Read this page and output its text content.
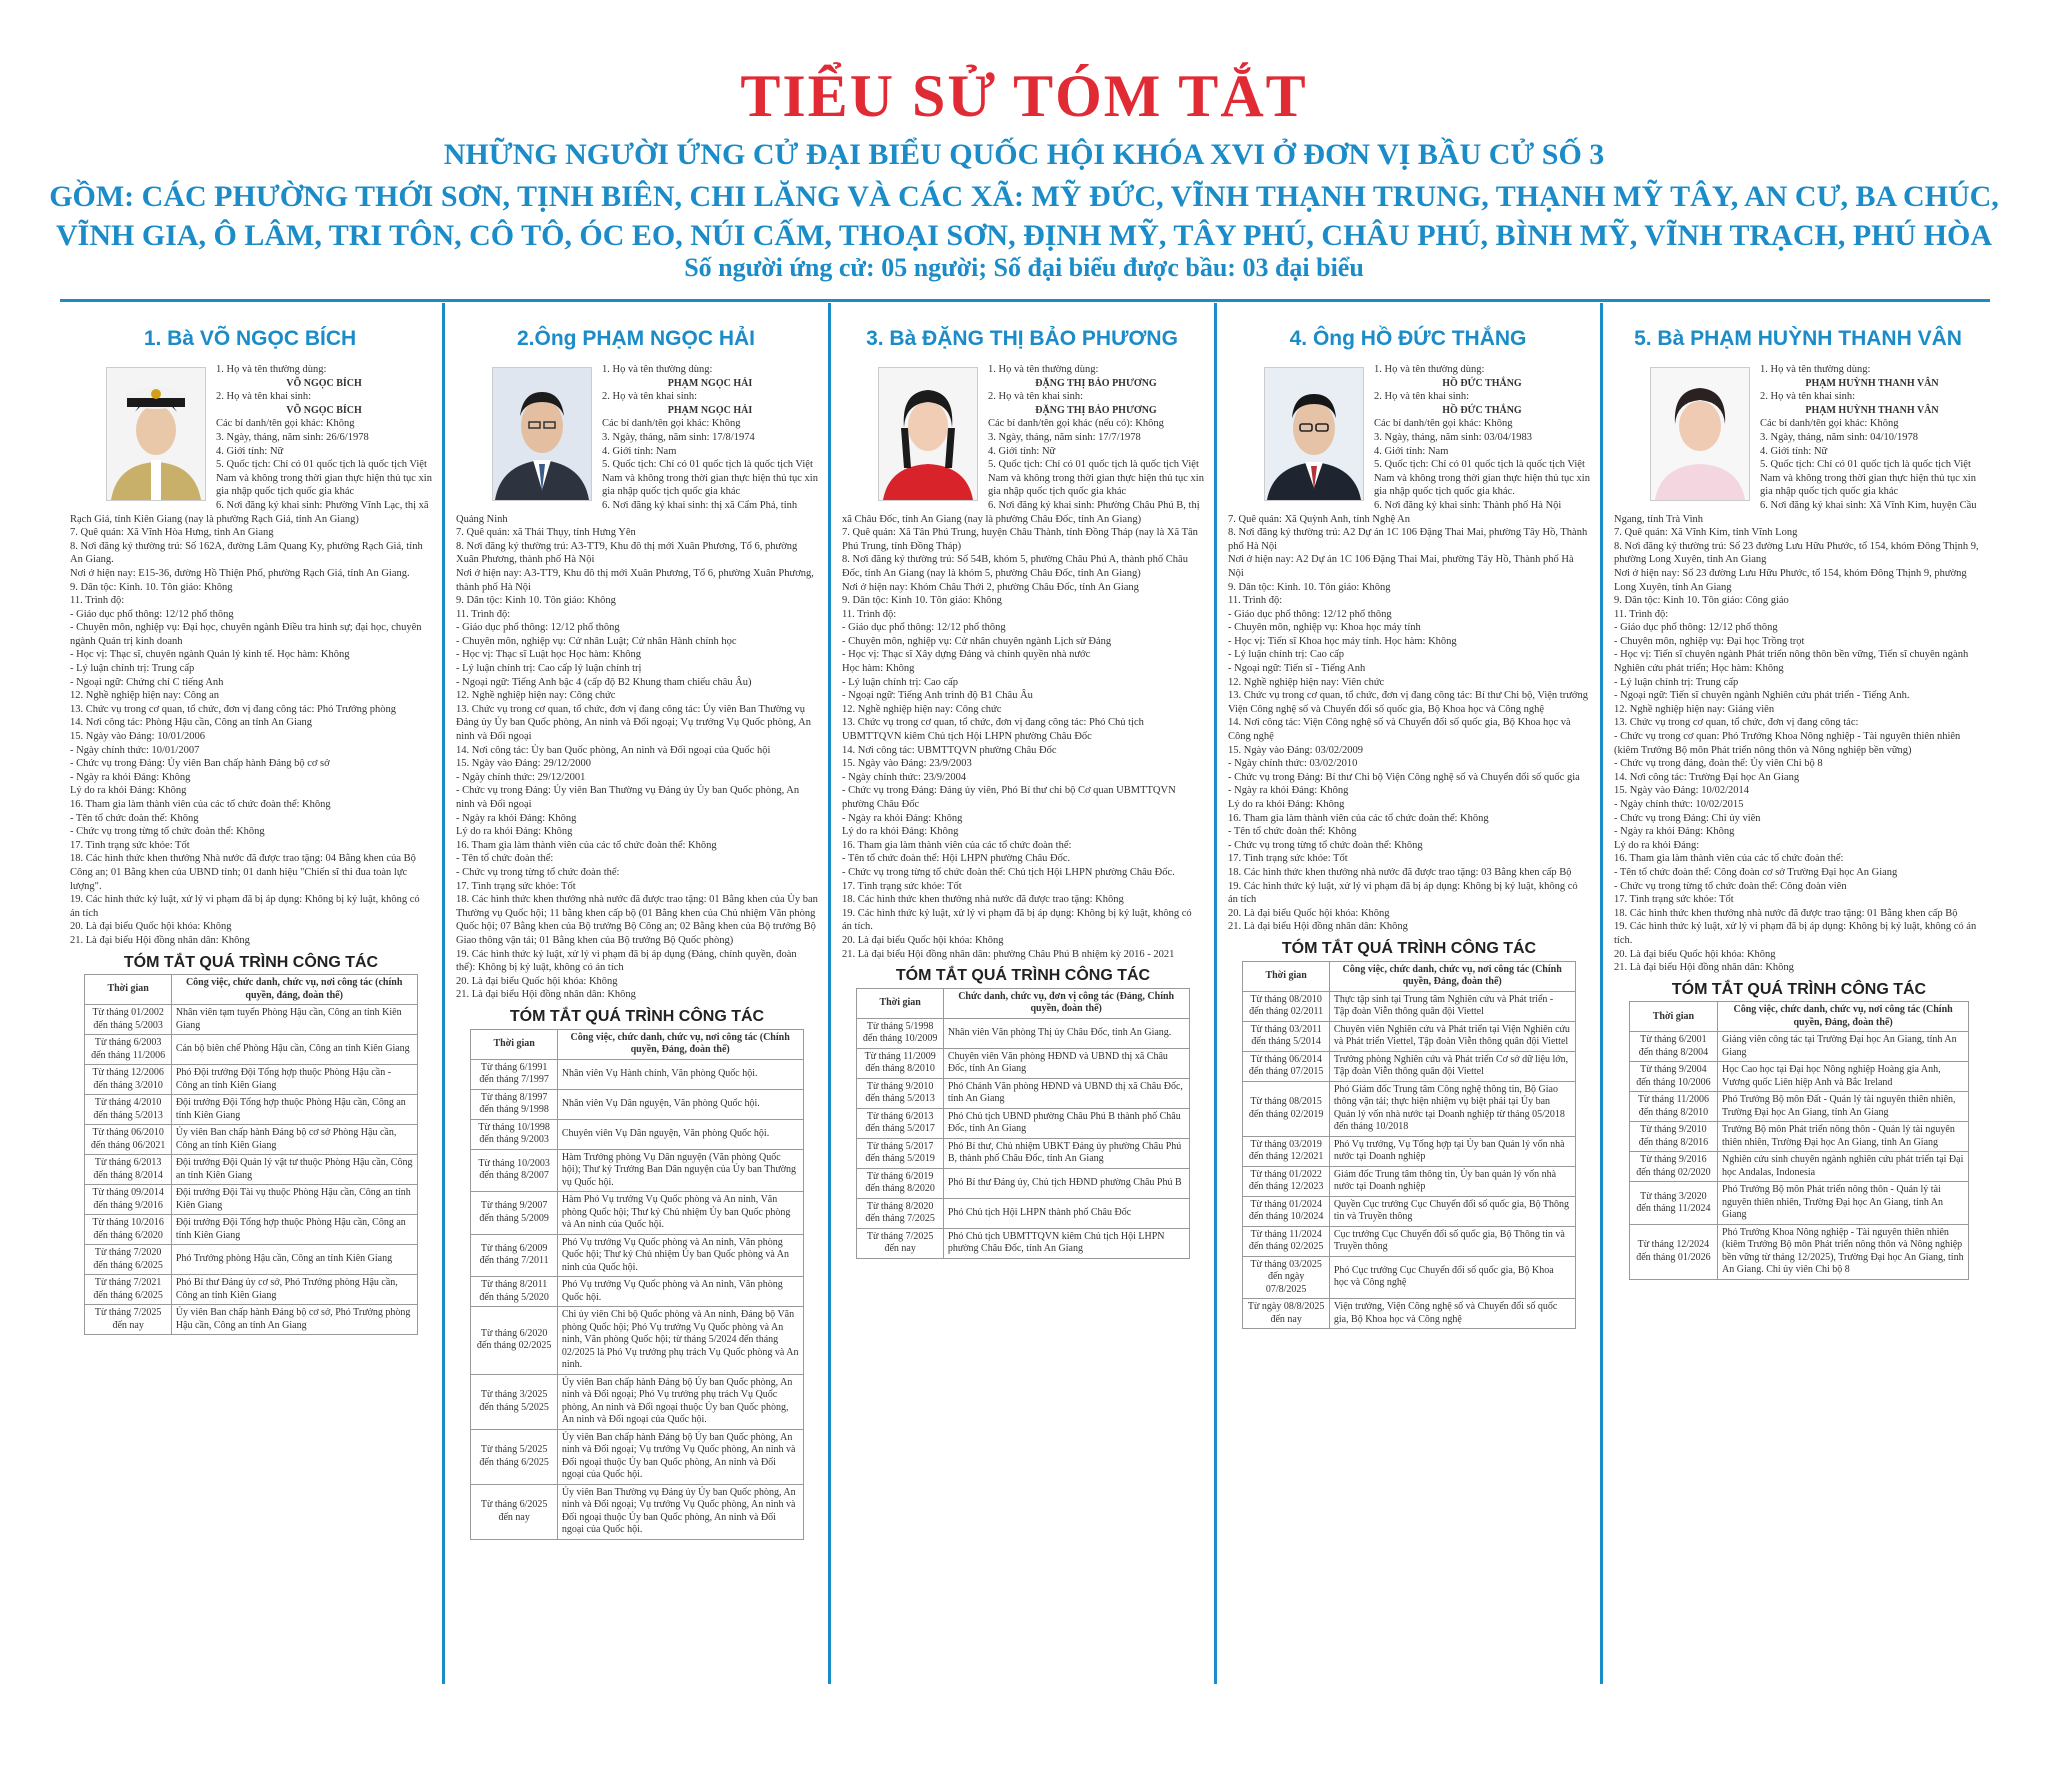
TIỂU SỬ TÓM TẮT

NHỮNG NGƯỜI ỨNG CỬ ĐẠI BIỂU QUỐC HỘI KHÓA XVI Ở ĐƠN VỊ BẦU CỬ SỐ 3

GỒM: CÁC PHƯỜNG THỚI SƠN, TỊNH BIÊN, CHI LĂNG VÀ CÁC XÃ: MỸ ĐỨC, VĨNH THẠNH TRUNG, THẠNH MỸ TÂY, AN CƯ, BA CHÚC,

VĨNH GIA, Ô LÂM, TRI TÔN, CÔ TÔ, ÓC EO, NÚI CẤM, THOẠI SƠN, ĐỊNH MỸ, TÂY PHÚ, CHÂU PHÚ, BÌNH MỸ, VĨNH TRẠCH, PHÚ HÒA

Số người ứng cử: 05 người; Số đại biểu được bầu: 03 đại biểu

1. Bà VÕ NGỌC BÍCH

1. Họ và tên thường dùng:

VÕ NGỌC BÍCH

2. Họ và tên khai sinh:

VÕ NGỌC BÍCH

Các bí danh/tên gọi khác: Không

3. Ngày, tháng, năm sinh: 26/6/1978

4. Giới tính: Nữ

5. Quốc tịch: Chỉ có 01 quốc tịch là quốc tịch Việt Nam và không trong thời gian thực hiện thủ tục xin gia nhập quốc tịch quốc gia khác

6. Nơi đăng ký khai sinh: Phường Vĩnh Lạc, thị xã Rạch Giá, tỉnh Kiên Giang (nay là phường Rạch Giá, tỉnh An Giang)

7. Quê quán: Xã Vĩnh Hòa Hưng, tỉnh An Giang

8. Nơi đăng ký thường trú: Số 162A, đường Lâm Quang Ky, phường Rạch Giá, tỉnh An Giang.

Nơi ở hiện nay: E15-36, đường Hồ Thiện Phố, phường Rạch Giá, tỉnh An Giang.

9. Dân tộc: Kinh. 10. Tôn giáo: Không

11. Trình độ:

- Giáo dục phổ thông: 12/12 phổ thông

- Chuyên môn, nghiệp vụ: Đại học, chuyên ngành Điều tra hình sự; đại học, chuyên ngành Quản trị kinh doanh

- Học vị: Thạc sĩ, chuyên ngành Quản lý kinh tế. Học hàm: Không

- Lý luận chính trị: Trung cấp

- Ngoại ngữ: Chứng chỉ C tiếng Anh

12. Nghề nghiệp hiện nay: Công an

13. Chức vụ trong cơ quan, tổ chức, đơn vị đang công tác: Phó Trưởng phòng

14. Nơi công tác: Phòng Hậu cần, Công an tỉnh An Giang

15. Ngày vào Đảng: 10/01/2006

- Ngày chính thức: 10/01/2007

- Chức vụ trong Đảng: Ủy viên Ban chấp hành Đảng bộ cơ sở

- Ngày ra khỏi Đảng: Không

Lý do ra khỏi Đảng: Không

16. Tham gia làm thành viên của các tổ chức đoàn thể: Không

- Tên tổ chức đoàn thể: Không

- Chức vụ trong từng tổ chức đoàn thể: Không

17. Tình trạng sức khỏe: Tốt

18. Các hình thức khen thưởng Nhà nước đã được trao tặng: 04 Bằng khen của Bộ Công an; 01 Bằng khen của UBND tỉnh; 01 danh hiệu "Chiến sĩ thi đua toàn lực lượng".

19. Các hình thức kỷ luật, xử lý vi phạm đã bị áp dụng: Không bị kỷ luật, không có án tích

20. Là đại biểu Quốc hội khóa: Không

21. Là đại biểu Hội đồng nhân dân: Không

TÓM TẮT QUÁ TRÌNH CÔNG TÁC
Thời gian	Công việc, chức danh, chức vụ, nơi công tác (chính quyền, đảng, đoàn thể)
Từ tháng 01/2002 đến tháng 5/2003	Nhân viên tạm tuyển Phòng Hậu cần, Công an tỉnh Kiên Giang
Từ tháng 6/2003 đến tháng 11/2006	Cán bộ biên chế Phòng Hậu cần, Công an tỉnh Kiên Giang
Từ tháng 12/2006 đến tháng 3/2010	Phó Đội trưởng Đội Tổng hợp thuộc Phòng Hậu cần - Công an tỉnh Kiên Giang
Từ tháng 4/2010 đến tháng 5/2013	Đội trưởng Đội Tổng hợp thuộc Phòng Hậu cần, Công an tỉnh Kiên Giang
Từ tháng 06/2010 đến tháng 06/2021	Ủy viên Ban chấp hành Đảng bộ cơ sở Phòng Hậu cần, Công an tỉnh Kiên Giang
Từ tháng 6/2013 đến tháng 8/2014	Đội trưởng Đội Quản lý vật tư thuộc Phòng Hậu cần, Công an tỉnh Kiên Giang
Từ tháng 09/2014 đến tháng 9/2016	Đội trưởng Đội Tài vụ thuộc Phòng Hậu cần, Công an tỉnh Kiên Giang
Từ tháng 10/2016 đến tháng 6/2020	Đội trưởng Đội Tổng hợp thuộc Phòng Hậu cần, Công an tỉnh Kiên Giang
Từ tháng 7/2020 đến tháng 6/2025	Phó Trưởng phòng Hậu cần, Công an tỉnh Kiên Giang
Từ tháng 7/2021 đến tháng 6/2025	Phó Bí thư Đảng ủy cơ sở, Phó Trưởng phòng Hậu cần, Công an tỉnh Kiên Giang
Từ tháng 7/2025 đến nay	Ủy viên Ban chấp hành Đảng bộ cơ sở, Phó Trưởng phòng Hậu cần, Công an tỉnh An Giang
2.Ông PHẠM NGỌC HẢI

1. Họ và tên thường dùng:

PHẠM NGỌC HẢI

2. Họ và tên khai sinh:

PHẠM NGỌC HẢI

Các bí danh/tên gọi khác: Không

3. Ngày, tháng, năm sinh: 17/8/1974

4. Giới tính: Nam

5. Quốc tịch: Chỉ có 01 quốc tịch là quốc tịch Việt Nam và không trong thời gian thực hiện thủ tục xin gia nhập quốc tịch quốc gia khác

6. Nơi đăng ký khai sinh: thị xã Cẩm Phả, tỉnh Quảng Ninh

7. Quê quán: xã Thái Thụy, tỉnh Hưng Yên

8. Nơi đăng ký thường trú: A3-TT9, Khu đô thị mới Xuân Phương, Tổ 6, phường Xuân Phương, thành phố Hà Nội

Nơi ở hiện nay: A3-TT9, Khu đô thị mới Xuân Phương, Tổ 6, phường Xuân Phương, thành phố Hà Nội

9. Dân tộc: Kinh 10. Tôn giáo: Không

11. Trình độ:

- Giáo dục phổ thông: 12/12 phổ thông

- Chuyên môn, nghiệp vụ: Cử nhân Luật; Cử nhân Hành chính học

- Học vị: Thạc sĩ Luật học Học hàm: Không

- Lý luận chính trị: Cao cấp lý luận chính trị

- Ngoại ngữ: Tiếng Anh bậc 4 (cấp độ B2 Khung tham chiếu châu Âu)

12. Nghề nghiệp hiện nay: Công chức

13. Chức vụ trong cơ quan, tổ chức, đơn vị đang công tác: Ủy viên Ban Thường vụ Đảng ủy Ủy ban Quốc phòng, An ninh và Đối ngoại; Vụ trưởng Vụ Quốc phòng, An ninh và Đối ngoại

14. Nơi công tác: Ủy ban Quốc phòng, An ninh và Đối ngoại của Quốc hội

15. Ngày vào Đảng: 29/12/2000

- Ngày chính thức: 29/12/2001

- Chức vụ trong Đảng: Ủy viên Ban Thường vụ Đảng ủy Ủy ban Quốc phòng, An ninh và Đối ngoại

- Ngày ra khỏi Đảng: Không

Lý do ra khỏi Đảng: Không

16. Tham gia làm thành viên của các tổ chức đoàn thể: Không

- Tên tổ chức đoàn thể:

- Chức vụ trong từng tổ chức đoàn thể:

17. Tình trạng sức khỏe: Tốt

18. Các hình thức khen thưởng nhà nước đã được trao tặng: 01 Bằng khen của Ủy ban Thường vụ Quốc hội; 11 bằng khen cấp bộ (01 Bằng khen của Chủ nhiệm Văn phòng Quốc hội; 07 Bằng khen của Bộ trưởng Bộ Công an; 02 Bằng khen của Bộ trưởng Bộ Giao thông vận tải; 01 Bằng khen của Bộ trưởng Bộ Quốc phòng)

19. Các hình thức kỷ luật, xử lý vi phạm đã bị áp dụng (Đảng, chính quyền, đoàn thể): Không bị kỷ luật, không có án tích

20. Là đại biểu Quốc hội khóa: Không

21. Là đại biểu Hội đồng nhân dân: Không

TÓM TẮT QUÁ TRÌNH CÔNG TÁC
Thời gian	Công việc, chức danh, chức vụ, nơi công tác (Chính quyền, Đảng, đoàn thể)
Từ tháng 6/1991 đến tháng 7/1997	Nhân viên Vụ Hành chính, Văn phòng Quốc hội.
Từ tháng 8/1997 đến tháng 9/1998	Nhân viên Vụ Dân nguyện, Văn phòng Quốc hội.
Từ tháng 10/1998 đến tháng 9/2003	Chuyên viên Vụ Dân nguyện, Văn phòng Quốc hội.
Từ tháng 10/2003 đến tháng 8/2007	Hàm Trưởng phòng Vụ Dân nguyện (Văn phòng Quốc hội); Thư ký Trưởng Ban Dân nguyện của Ủy ban Thường vụ Quốc hội.
Từ tháng 9/2007 đến tháng 5/2009	Hàm Phó Vụ trưởng Vụ Quốc phòng và An ninh, Văn phòng Quốc hội; Thư ký Chủ nhiệm Ủy ban Quốc phòng và An ninh của Quốc hội.
Từ tháng 6/2009 đến tháng 7/2011	Phó Vụ trưởng Vụ Quốc phòng và An ninh, Văn phòng Quốc hội; Thư ký Chủ nhiệm Ủy ban Quốc phòng và An ninh của Quốc hội.
Từ tháng 8/2011 đến tháng 5/2020	Phó Vụ trưởng Vụ Quốc phòng và An ninh, Văn phòng Quốc hội.
Từ tháng 6/2020 đến tháng 02/2025	Chi ủy viên Chi bộ Quốc phòng và An ninh, Đảng bộ Văn phòng Quốc hội; Phó Vụ trưởng Vụ Quốc phòng và An ninh, Văn phòng Quốc hội; từ tháng 5/2024 đến tháng 02/2025 là Phó Vụ trưởng phụ trách Vụ Quốc phòng và An ninh.
Từ tháng 3/2025 đến tháng 5/2025	Ủy viên Ban chấp hành Đảng bộ Ủy ban Quốc phòng, An ninh và Đối ngoại; Phó Vụ trưởng phụ trách Vụ Quốc phòng, An ninh và Đối ngoại thuộc Ủy ban Quốc phòng, An ninh và Đối ngoại của Quốc hội.
Từ tháng 5/2025 đến tháng 6/2025	Ủy viên Ban chấp hành Đảng bộ Ủy ban Quốc phòng, An ninh và Đối ngoại; Vụ trưởng Vụ Quốc phòng, An ninh và Đối ngoại thuộc Ủy ban Quốc phòng, An ninh và Đối ngoại của Quốc hội.
Từ tháng 6/2025 đến nay	Ủy viên Ban Thường vụ Đảng ủy Ủy ban Quốc phòng, An ninh và Đối ngoại; Vụ trưởng Vụ Quốc phòng, An ninh và Đối ngoại thuộc Ủy ban Quốc phòng, An ninh và Đối ngoại của Quốc hội.
3. Bà ĐẶNG THỊ BẢO PHƯƠNG

1. Họ và tên thường dùng:

ĐẶNG THỊ BẢO PHƯƠNG

2. Họ và tên khai sinh:

ĐẶNG THỊ BẢO PHƯƠNG

Các bí danh/tên gọi khác (nếu có): Không

3. Ngày, tháng, năm sinh: 17/7/1978

4. Giới tính: Nữ

5. Quốc tịch: Chỉ có 01 quốc tịch là quốc tịch Việt Nam và không trong thời gian thực hiện thủ tục xin gia nhập quốc tịch quốc gia khác

6. Nơi đăng ký khai sinh: Phường Châu Phú B, thị xã Châu Đốc, tỉnh An Giang (nay là phường Châu Đốc, tỉnh An Giang)

7. Quê quán: Xã Tân Phú Trung, huyện Châu Thành, tỉnh Đồng Tháp (nay là Xã Tân Phú Trung, tỉnh Đồng Tháp)

8. Nơi đăng ký thường trú: Số 54B, khóm 5, phường Châu Phú A, thành phố Châu Đốc, tỉnh An Giang (nay là khóm 5, phường Châu Đốc, tỉnh An Giang)

Nơi ở hiện nay: Khóm Châu Thới 2, phường Châu Đốc, tỉnh An Giang

9. Dân tộc: Kinh 10. Tôn giáo: Không

11. Trình độ:

- Giáo dục phổ thông: 12/12 phổ thông

- Chuyên môn, nghiệp vụ: Cử nhân chuyên ngành Lịch sử Đảng

- Học vị: Thạc sĩ Xây dựng Đảng và chính quyền nhà nước

Học hàm: Không

- Lý luận chính trị: Cao cấp

- Ngoại ngữ: Tiếng Anh trình độ B1 Châu Âu

12. Nghề nghiệp hiện nay: Công chức

13. Chức vụ trong cơ quan, tổ chức, đơn vị đang công tác: Phó Chủ tịch UBMTTQVN kiêm Chủ tịch Hội LHPN phường Châu Đốc

14. Nơi công tác: UBMTTQVN phường Châu Đốc

15. Ngày vào Đảng: 23/9/2003

- Ngày chính thức: 23/9/2004

- Chức vụ trong Đảng: Đảng ủy viên, Phó Bí thư chi bộ Cơ quan UBMTTQVN phường Châu Đốc

- Ngày ra khỏi Đảng: Không

Lý do ra khỏi Đảng: Không

16. Tham gia làm thành viên của các tổ chức đoàn thể:

- Tên tổ chức đoàn thể: Hội LHPN phường Châu Đốc.

- Chức vụ trong từng tổ chức đoàn thể: Chủ tịch Hội LHPN phường Châu Đốc.

17. Tình trạng sức khỏe: Tốt

18. Các hình thức khen thưởng nhà nước đã được trao tặng: Không

19. Các hình thức kỷ luật, xử lý vi phạm đã bị áp dụng: Không bị kỷ luật, không có án tích.

20. Là đại biểu Quốc hội khóa: Không

21. Là đại biểu Hội đồng nhân dân: phường Châu Phú B nhiệm kỳ 2016 - 2021

TÓM TẮT QUÁ TRÌNH CÔNG TÁC
Thời gian	Chức danh, chức vụ, đơn vị công tác (Đảng, Chính quyền, đoàn thể)
Từ tháng 5/1998 đến tháng 10/2009	Nhân viên Văn phòng Thị ủy Châu Đốc, tỉnh An Giang.
Từ tháng 11/2009 đến tháng 8/2010	Chuyên viên Văn phòng HĐND và UBND thị xã Châu Đốc, tỉnh An Giang
Từ tháng 9/2010 đến tháng 5/2013	Phó Chánh Văn phòng HĐND và UBND thị xã Châu Đốc, tỉnh An Giang
Từ tháng 6/2013 đến tháng 5/2017	Phó Chủ tịch UBND phường Châu Phú B thành phố Châu Đốc, tỉnh An Giang
Từ tháng 5/2017 đến tháng 5/2019	Phó Bí thư, Chủ nhiệm UBKT Đảng ủy phường Châu Phú B, thành phố Châu Đốc, tỉnh An Giang
Từ tháng 6/2019 đến tháng 8/2020	Phó Bí thư Đảng ủy, Chủ tịch HĐND phường Châu Phú B
Từ tháng 8/2020 đến tháng 7/2025	Phó Chủ tịch Hội LHPN thành phố Châu Đốc
Từ tháng 7/2025 đến nay	Phó Chủ tịch UBMTTQVN kiêm Chủ tịch Hội LHPN phường Châu Đốc, tỉnh An Giang
4. Ông HỒ ĐỨC THẮNG

1. Họ và tên thường dùng:

HỒ ĐỨC THẮNG

2. Họ và tên khai sinh:

HỒ ĐỨC THẮNG

Các bí danh/tên gọi khác: Không

3. Ngày, tháng, năm sinh: 03/04/1983

4. Giới tính: Nam

5. Quốc tịch: Chỉ có 01 quốc tịch là quốc tịch Việt Nam và không trong thời gian thực hiện thủ tục xin gia nhập quốc tịch quốc gia khác.

6. Nơi đăng ký khai sinh: Thành phố Hà Nội

7. Quê quán: Xã Quỳnh Anh, tỉnh Nghệ An

8. Nơi đăng ký thường trú: A2 Dự án 1C 106 Đặng Thai Mai, phường Tây Hồ, Thành phố Hà Nội

Nơi ở hiện nay: A2 Dự án 1C 106 Đặng Thai Mai, phường Tây Hồ, Thành phố Hà Nội

9. Dân tộc: Kinh. 10. Tôn giáo: Không

11. Trình độ:

- Giáo dục phổ thông: 12/12 phổ thông

- Chuyên môn, nghiệp vụ: Khoa học máy tính

- Học vị: Tiến sĩ Khoa học máy tính. Học hàm: Không

- Lý luận chính trị: Cao cấp

- Ngoại ngữ: Tiến sĩ - Tiếng Anh

12. Nghề nghiệp hiện nay: Viên chức

13. Chức vụ trong cơ quan, tổ chức, đơn vị đang công tác: Bí thư Chi bộ, Viện trưởng Viện Công nghệ số và Chuyển đổi số quốc gia, Bộ Khoa học và Công nghệ

14. Nơi công tác: Viện Công nghệ số và Chuyển đổi số quốc gia, Bộ Khoa học và Công nghệ

15. Ngày vào Đảng: 03/02/2009

- Ngày chính thức: 03/02/2010

- Chức vụ trong Đảng: Bí thư Chi bộ Viện Công nghệ số và Chuyển đổi số quốc gia

- Ngày ra khỏi Đảng: Không

Lý do ra khỏi Đảng: Không

16. Tham gia làm thành viên của các tổ chức đoàn thể: Không

- Tên tổ chức đoàn thể: Không

- Chức vụ trong từng tổ chức đoàn thể: Không

17. Tình trạng sức khỏe: Tốt

18. Các hình thức khen thưởng nhà nước đã được trao tặng: 03 Bằng khen cấp Bộ

19. Các hình thức kỷ luật, xử lý vi phạm đã bị áp dụng: Không bị kỷ luật, không có án tích

20. Là đại biểu Quốc hội khóa: Không

21. Là đại biểu Hội đồng nhân dân: Không

TÓM TẮT QUÁ TRÌNH CÔNG TÁC
Thời gian	Công việc, chức danh, chức vụ, nơi công tác (Chính quyền, Đảng, đoàn thể)
Từ tháng 08/2010 đến tháng 02/2011	Thực tập sinh tại Trung tâm Nghiên cứu và Phát triển - Tập đoàn Viễn thông quân đội Viettel
Từ tháng 03/2011 đến tháng 5/2014	Chuyên viên Nghiên cứu và Phát triển tại Viện Nghiên cứu và Phát triển Viettel, Tập đoàn Viễn thông quân đội Viettel
Từ tháng 06/2014 đến tháng 07/2015	Trưởng phòng Nghiên cứu và Phát triển Cơ sở dữ liệu lớn, Tập đoàn Viễn thông quân đội Viettel
Từ tháng 08/2015 đến tháng 02/2019	Phó Giám đốc Trung tâm Công nghệ thông tin, Bộ Giao thông vận tải; thực hiện nhiệm vụ biệt phái tại Ủy ban Quản lý vốn nhà nước tại Doanh nghiệp từ tháng 05/2018 đến tháng 10/2018
Từ tháng 03/2019 đến tháng 12/2021	Phó Vụ trưởng, Vụ Tổng hợp tại Ủy ban Quản lý vốn nhà nước tại Doanh nghiệp
Từ tháng 01/2022 đến tháng 12/2023	Giám đốc Trung tâm thông tin, Ủy ban quản lý vốn nhà nước tại Doanh nghiệp
Từ tháng 01/2024 đến tháng 10/2024	Quyền Cục trưởng Cục Chuyển đổi số quốc gia, Bộ Thông tin và Truyền thông
Từ tháng 11/2024 đến tháng 02/2025	Cục trưởng Cục Chuyển đổi số quốc gia, Bộ Thông tin và Truyền thông
Từ tháng 03/2025 đến ngày 07/8/2025	Phó Cục trưởng Cục Chuyển đổi số quốc gia, Bộ Khoa học và Công nghệ
Từ ngày 08/8/2025 đến nay	Viện trưởng, Viện Công nghệ số và Chuyển đổi số quốc gia, Bộ Khoa học và Công nghệ
5. Bà PHẠM HUỲNH THANH VÂN

1. Họ và tên thường dùng:

PHẠM HUỲNH THANH VÂN

2. Họ và tên khai sinh:

PHẠM HUỲNH THANH VÂN

Các bí danh/tên gọi khác: Không

3. Ngày, tháng, năm sinh: 04/10/1978

4. Giới tính: Nữ

5. Quốc tịch: Chỉ có 01 quốc tịch là quốc tịch Việt Nam và không trong thời gian thực hiện thủ tục xin gia nhập quốc tịch quốc gia khác

6. Nơi đăng ký khai sinh: Xã Vĩnh Kim, huyện Cầu Ngang, tỉnh Trà Vinh

7. Quê quán: Xã Vĩnh Kim, tỉnh Vĩnh Long

8. Nơi đăng ký thường trú: Số 23 đường Lưu Hữu Phước, tổ 154, khóm Đông Thịnh 9, phường Long Xuyên, tỉnh An Giang

Nơi ở hiện nay: Số 23 đường Lưu Hữu Phước, tổ 154, khóm Đông Thịnh 9, phường Long Xuyên, tỉnh An Giang

9. Dân tộc: Kinh 10. Tôn giáo: Công giáo

11. Trình độ:

- Giáo dục phổ thông: 12/12 phổ thông

- Chuyên môn, nghiệp vụ: Đại học Trồng trọt

- Học vị: Tiến sĩ chuyên ngành Phát triển nông thôn bền vững, Tiến sĩ chuyên ngành Nghiên cứu phát triển; Học hàm: Không

- Lý luận chính trị: Trung cấp

- Ngoại ngữ: Tiến sĩ chuyên ngành Nghiên cứu phát triển - Tiếng Anh.

12. Nghề nghiệp hiện nay: Giảng viên

13. Chức vụ trong cơ quan, tổ chức, đơn vị đang công tác:

- Chức vụ trong cơ quan: Phó Trưởng Khoa Nông nghiệp - Tài nguyên thiên nhiên (kiêm Trưởng Bộ môn Phát triển nông thôn và Nông nghiệp bền vững)

- Chức vụ trong đảng, đoàn thể: Ủy viên Chi bộ 8

14. Nơi công tác: Trường Đại học An Giang

15. Ngày vào Đảng: 10/02/2014

- Ngày chính thức: 10/02/2015

- Chức vụ trong Đảng: Chi ủy viên

- Ngày ra khỏi Đảng: Không

Lý do ra khỏi Đảng:

16. Tham gia làm thành viên của các tổ chức đoàn thể:

- Tên tổ chức đoàn thể: Công đoàn cơ sở Trường Đại học An Giang

- Chức vụ trong từng tổ chức đoàn thể: Công đoàn viên

17. Tình trạng sức khỏe: Tốt

18. Các hình thức khen thưởng nhà nước đã được trao tặng: 01 Bằng khen cấp Bộ

19. Các hình thức kỷ luật, xử lý vi phạm đã bị áp dụng: Không bị kỷ luật, không có án tích.

20. Là đại biểu Quốc hội khóa: Không

21. Là đại biểu Hội đồng nhân dân: Không

TÓM TẮT QUÁ TRÌNH CÔNG TÁC
Thời gian	Công việc, chức danh, chức vụ, nơi công tác (Chính quyền, Đảng, đoàn thể)
Từ tháng 6/2001 đến tháng 8/2004	Giảng viên công tác tại Trường Đại học An Giang, tỉnh An Giang
Từ tháng 9/2004 đến tháng 10/2006	Học Cao học tại Đại học Nông nghiệp Hoàng gia Anh, Vương quốc Liên hiệp Anh và Bắc Ireland
Từ tháng 11/2006 đến tháng 8/2010	Phó Trưởng Bộ môn Đất - Quản lý tài nguyên thiên nhiên, Trường Đại học An Giang, tỉnh An Giang
Từ tháng 9/2010 đến tháng 8/2016	Trưởng Bộ môn Phát triển nông thôn - Quản lý tài nguyên thiên nhiên, Trường Đại học An Giang, tỉnh An Giang
Từ tháng 9/2016 đến tháng 02/2020	Nghiên cứu sinh chuyên ngành nghiên cứu phát triển tại Đại học Andalas, Indonesia
Từ tháng 3/2020 đến tháng 11/2024	Phó Trưởng Bộ môn Phát triển nông thôn - Quản lý tài nguyên thiên nhiên, Trường Đại học An Giang, tỉnh An Giang
Từ tháng 12/2024 đến tháng 01/2026	Phó Trưởng Khoa Nông nghiệp - Tài nguyên thiên nhiên (kiêm Trưởng Bộ môn Phát triển nông thôn và Nông nghiệp bền vững từ tháng 12/2025), Trường Đại học An Giang, tỉnh An Giang. Chi ủy viên Chi bộ 8
